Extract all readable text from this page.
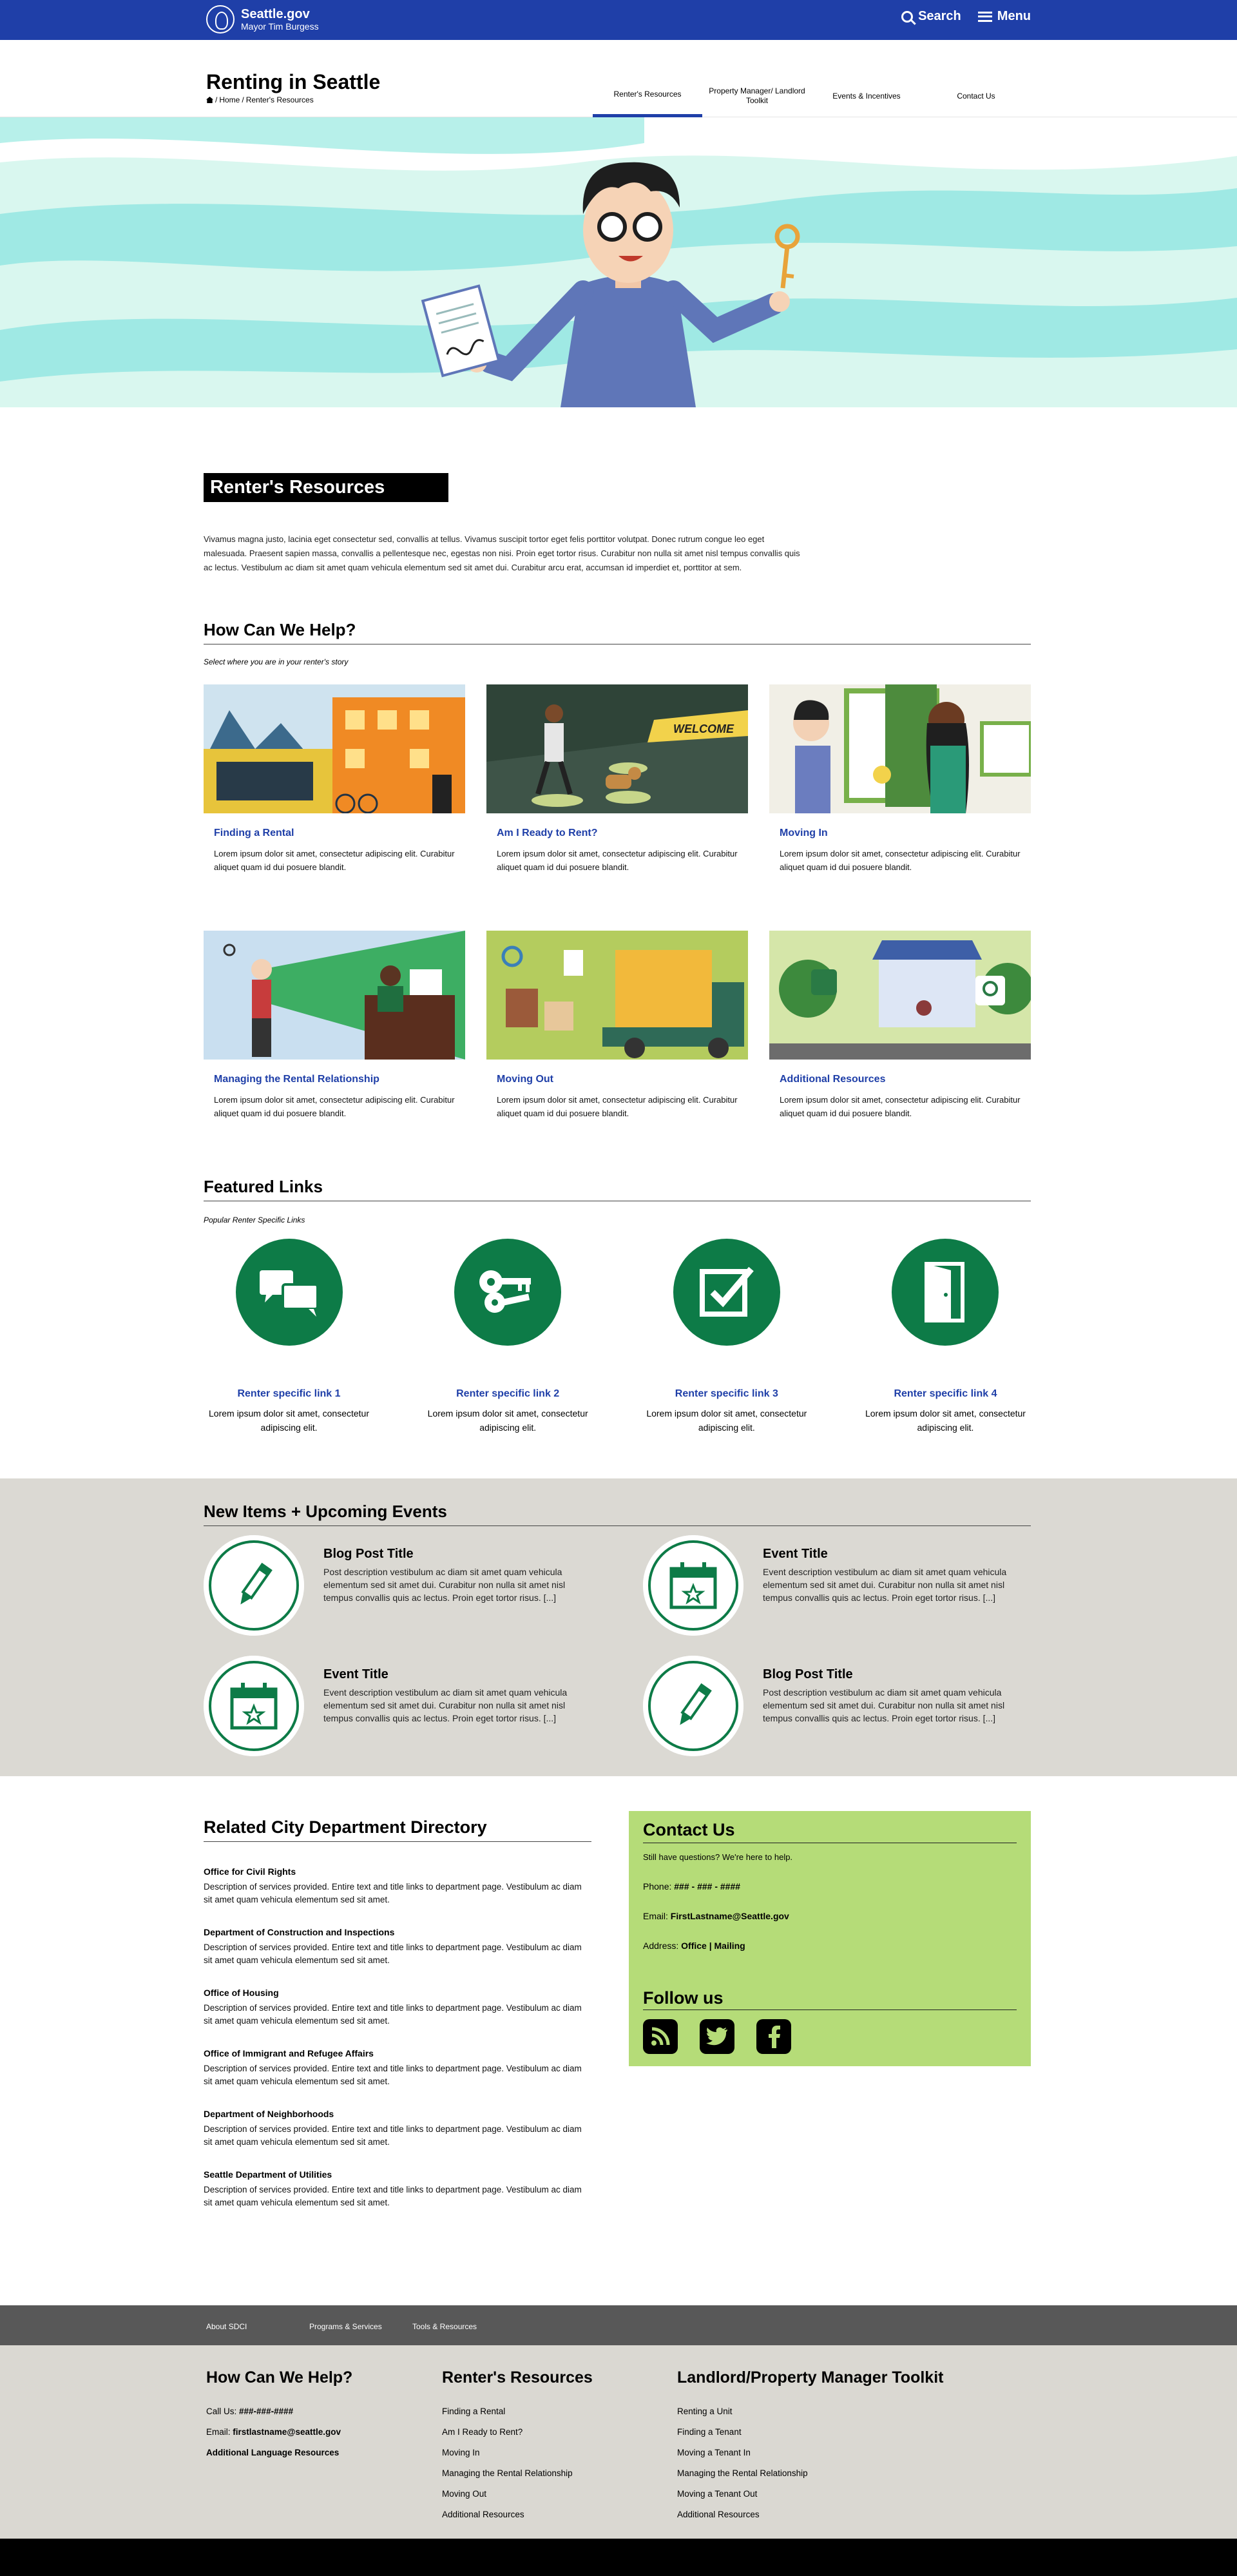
Seattle.gov
Mayor Tim Burgess
Search	Menu
Renting in Seattle
/ Home / Renter's Resources
Renter's Resources	Property Manager/ Landlord Toolkit
Events & Incentives	Contact Us
Renter's Resources

Vivamus magna justo, lacinia eget consectetur sed, convallis at tellus. Vivamus suscipit tortor eget felis porttitor volutpat. Donec rutrum congue leo eget malesuada. Praesent sapien massa, convallis a pellentesque nec, egestas non nisi. Proin eget tortor risus. Curabitur non nulla sit amet nisl tempus convallis quis ac lectus. Vestibulum ac diam sit amet quam vehicula elementum sed sit amet dui. Curabitur arcu erat, accumsan id imperdiet et, porttitor at sem.

How Can We Help?
Select where you are in your renter's story
Finding a Rental
Lorem ipsum dolor sit amet, consectetur adipiscing elit. Curabitur aliquet quam id dui posuere blandit.
WELCOME
Am I Ready to Rent?
Lorem ipsum dolor sit amet, consectetur adipiscing elit. Curabitur aliquet quam id dui posuere blandit.
Moving In
Lorem ipsum dolor sit amet, consectetur adipiscing elit. Curabitur aliquet quam id dui posuere blandit.
Managing the Rental Relationship
Lorem ipsum dolor sit amet, consectetur adipiscing elit. Curabitur aliquet quam id dui posuere blandit.
Moving Out
Lorem ipsum dolor sit amet, consectetur adipiscing elit. Curabitur aliquet quam id dui posuere blandit.
Additional Resources
Lorem ipsum dolor sit amet, consectetur adipiscing elit. Curabitur aliquet quam id dui posuere blandit.
Featured Links
Popular Renter Specific Links
Renter specific link 1
Lorem ipsum dolor sit amet, consectetur adipiscing elit.
Renter specific link 2
Lorem ipsum dolor sit amet, consectetur adipiscing elit.
Renter specific link 3
Lorem ipsum dolor sit amet, consectetur adipiscing elit.
Renter specific link 4
Lorem ipsum dolor sit amet, consectetur adipiscing elit.
New Items + Upcoming Events
Blog Post Title
Post description vestibulum ac diam sit amet quam vehicula elementum sed sit amet dui. Curabitur non nulla sit amet nisl tempus convallis quis ac lectus. Proin eget tortor risus. [...]
Event Title
Event description vestibulum ac diam sit amet quam vehicula elementum sed sit amet dui. Curabitur non nulla sit amet nisl tempus convallis quis ac lectus. Proin eget tortor risus. [...]
Event Title
Event description vestibulum ac diam sit amet quam vehicula elementum sed sit amet dui. Curabitur non nulla sit amet nisl tempus convallis quis ac lectus. Proin eget tortor risus. [...]
Blog Post Title
Post description vestibulum ac diam sit amet quam vehicula elementum sed sit amet dui. Curabitur non nulla sit amet nisl tempus convallis quis ac lectus. Proin eget tortor risus. [...]
Related City Department Directory
Office for Civil Rights
Description of services provided. Entire text and title links to department page. Vestibulum ac diam sit amet quam vehicula elementum sed sit amet.
Department of Construction and Inspections
Description of services provided. Entire text and title links to department page. Vestibulum ac diam sit amet quam vehicula elementum sed sit amet.
Office of Housing
Description of services provided. Entire text and title links to department page. Vestibulum ac diam sit amet quam vehicula elementum sed sit amet.
Office of Immigrant and Refugee Affairs
Description of services provided. Entire text and title links to department page. Vestibulum ac diam sit amet quam vehicula elementum sed sit amet.
Department of Neighborhoods
Description of services provided. Entire text and title links to department page. Vestibulum ac diam sit amet quam vehicula elementum sed sit amet.
Seattle Department of Utilities
Description of services provided. Entire text and title links to department page. Vestibulum ac diam sit amet quam vehicula elementum sed sit amet.
Contact Us
Still have questions? We're here to help.
Phone: ### - ### - ####
Email: FirstLastname@Seattle.gov
Address: Office | Mailing
Follow us
About SDCI	Programs & Services	Tools & Resources
How Can We Help?
Call Us: ###-###-####
Email: firstlastname@seattle.gov
Additional Language Resources
Renter's Resources
Finding a Rental
Am I Ready to Rent?
Moving In
Managing the Rental Relationship
Moving Out
Additional Resources
Landlord/Property Manager Toolkit
Renting a Unit
Finding a Tenant
Moving a Tenant In
Managing the Rental Relationship
Moving a Tenant Out
Additional Resources
